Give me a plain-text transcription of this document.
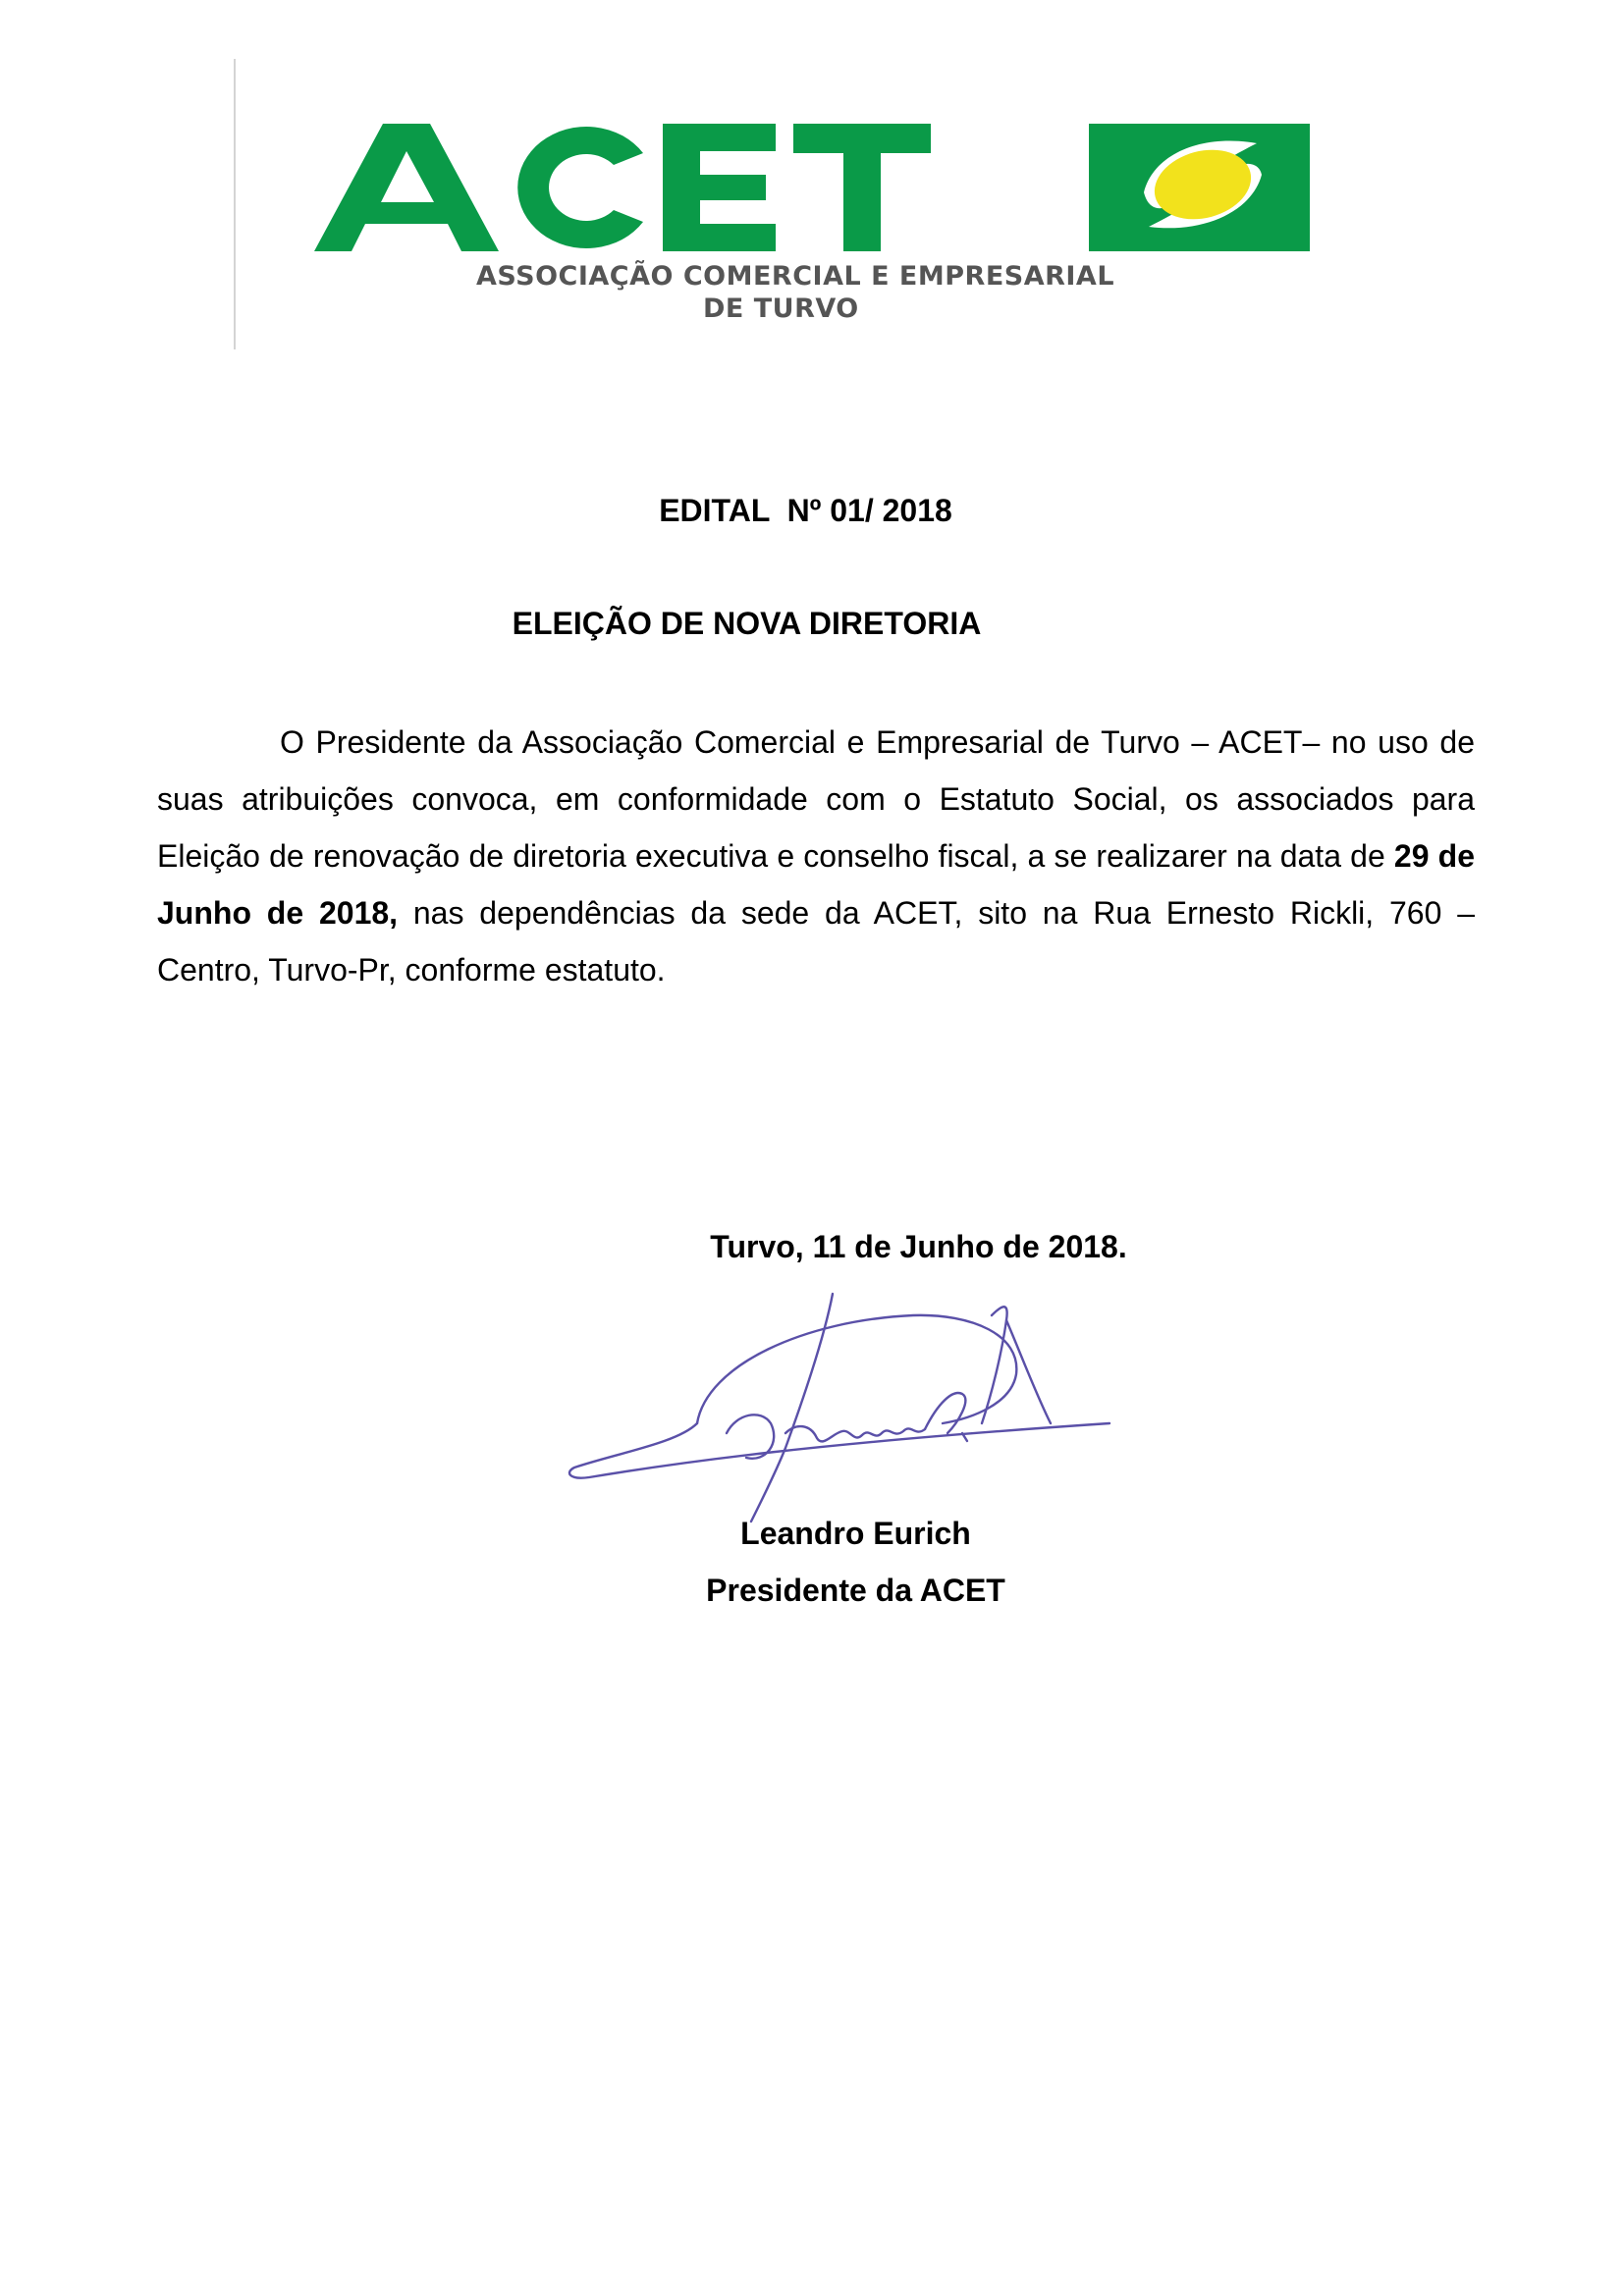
ASSOCIAÇÃO COMERCIAL E EMPRESARIAL
DE TURVO
EDITAL  Nº 01/ 2018
ELEIÇÃO DE NOVA DIRETORIA
O Presidente da Associação Comercial e Empresarial de Turvo – ACET– no uso de suas atribuições convoca, em conformidade com o Estatuto Social, os associados para Eleição de renovação de diretoria executiva e conselho fiscal, a se realizarer na data de 29 de Junho de 2018, nas dependências da sede da ACET, sito na Rua Ernesto Rickli, 760 – Centro, Turvo-Pr, conforme estatuto.
Turvo, 11 de Junho de 2018.
Leandro Eurich
Presidente da ACET
